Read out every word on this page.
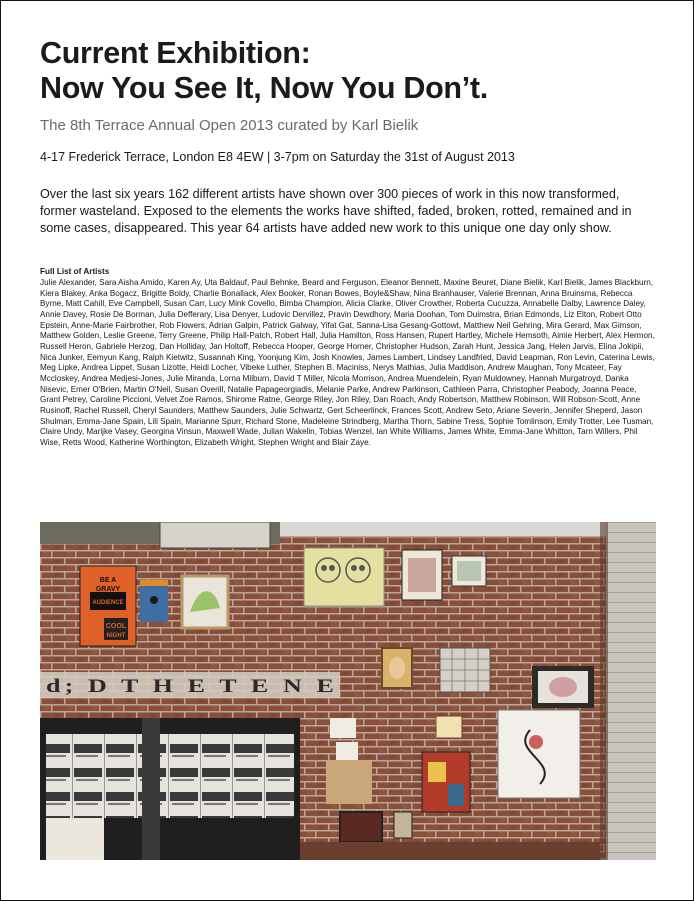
Current Exhibition:
Now You See It, Now You Don’t.
The 8th Terrace Annual Open 2013 curated by Karl Bielik
4-17 Frederick Terrace, London E8 4EW | 3-7pm on Saturday the 31st of August 2013
Over the last six years 162 different artists have shown over 300 pieces of work in this now transformed, former wasteland. Exposed to the elements the works have shifted, faded, broken, rotted, remained and in some cases, disappeared. This year 64 artists have added new work to this unique one day only show.
Full List of Artists
Julie Alexander, Sara Aisha Amido, Karen Ay, Uta Baldauf, Paul Behnke, Beard and Ferguson, Eleanor Bennett, Maxine Beuret, Diane Bielik, Karl Bielik, James Blackburn, Kiera Blakey, Anka Bogacz, Brigitte Boldy, Charlie Bonallack, Alex Booker, Ronan Bowes, Boyle&Shaw, Nina Branhauser, Valerie Brennan, Anna Bruinsma, Rebecca Byrne, Matt Cahill, Eve Campbell, Susan Carr, Lucy Mink Covello, Bimba Champion, Alicia Clarke, Oliver Crowther, Roberta Cucuzza, Annabelle Dalby, Lawrence Daley, Annie Davey, Rosie De Borman, Julia Defferary, Lisa Denyer, Ludovic Dervillez, Pravin Dewdhory, Maria Doohan, Tom Duimstra, Brian Edmonds, Liz Elton, Robert Otto Epstein, Anne-Marie Fairbrother, Rob Flowers, Adrian Galpin, Patrick Galway, Yifat Gat, Sanna-Lisa Gesang-Gottowt, Matthew Neil Gehring, Mira Gerard, Max Gimson, Matthew Golden, Leslie Greene, Terry Greene, Philip Hall-Patch, Robert Hall, Julia Hamilton, Ross Hansen, Rupert Hartley, Michele Hemsoth, Aimie Herbert, Alex Hermon, Russell Heron, Gabriele Herzog, Dan Holliday, Jan Holtoff, Rebecca Hooper, George Horner, Christopher Hudson, Zarah Hunt, Jessica Jang, Helen Jarvis, Elina Jokipii, Nica Junker, Eemyun Kang, Ralph Kietwitz, Susannah King, Yoonjung Kim, Josh Knowles, James Lambert, Lindsey Landfried, David Leapman, Ron Levin, Caterina Lewis, Meg Lipke, Andrea Lippet, Susan Lizotte, Heidi Locher, Vibeke Luther, Stephen B. Maciniss, Nerys Mathias, Julia Maddison, Andrew Maughan, Tony Mcateer, Fay Mccloskey, Andrea Medjesi-Jones, Julie Miranda, Lorna Milburn, David T Miller, Nicola Morrison, Andrea Muendelein, Ryan Muldowney, Hannah Murgatroyd, Danka Nisevic, Emer O'Brien, Martin O'Neil, Susan Overill, Natalie Papageorgiadis, Melanie Parke, Andrew Parkinson, Cathleen Parra, Christopher Peabody, Joanna Peace, Grant Petrey, Caroline Piccioni, Velvet Zoe Ramos, Shirome Ratne, George Riley, Jon Riley, Dan Roach, Andy Robertson, Matthew Robinson, Will Robson-Scott, Anne Rusinoff, Rachel Russell, Cheryl Saunders, Matthew Saunders, Julie Schwartz, Gert Scheerlinck, Frances Scott, Andrew Seto, Ariane Severin, Jennifer Sheperd, Jason Shulman, Emma-Jane Spain, Lili Spain, Marianne Spurr, Richard Stone, Madeleine Strindberg, Martha Thorn, Sabine Tress, Sophie Tomlinson, Emily Trotter, Lee Tusman, Claire Undy, Marijke Vasey, Georgina Vinsun, Maxwell Wade, Julian Wakelin, Tobias Wenzel, Ian White Williams, James White, Emma-Jane Whitton, Tarn Willers, Phil Wise, Retts Wood, Katherine Worthington, Elizabeth Wright, Stephen Wright and Blair Zaye.
BE A
GRAVY
AUDIENCE
COOL
NIGHT
d; D T H E T E N E
